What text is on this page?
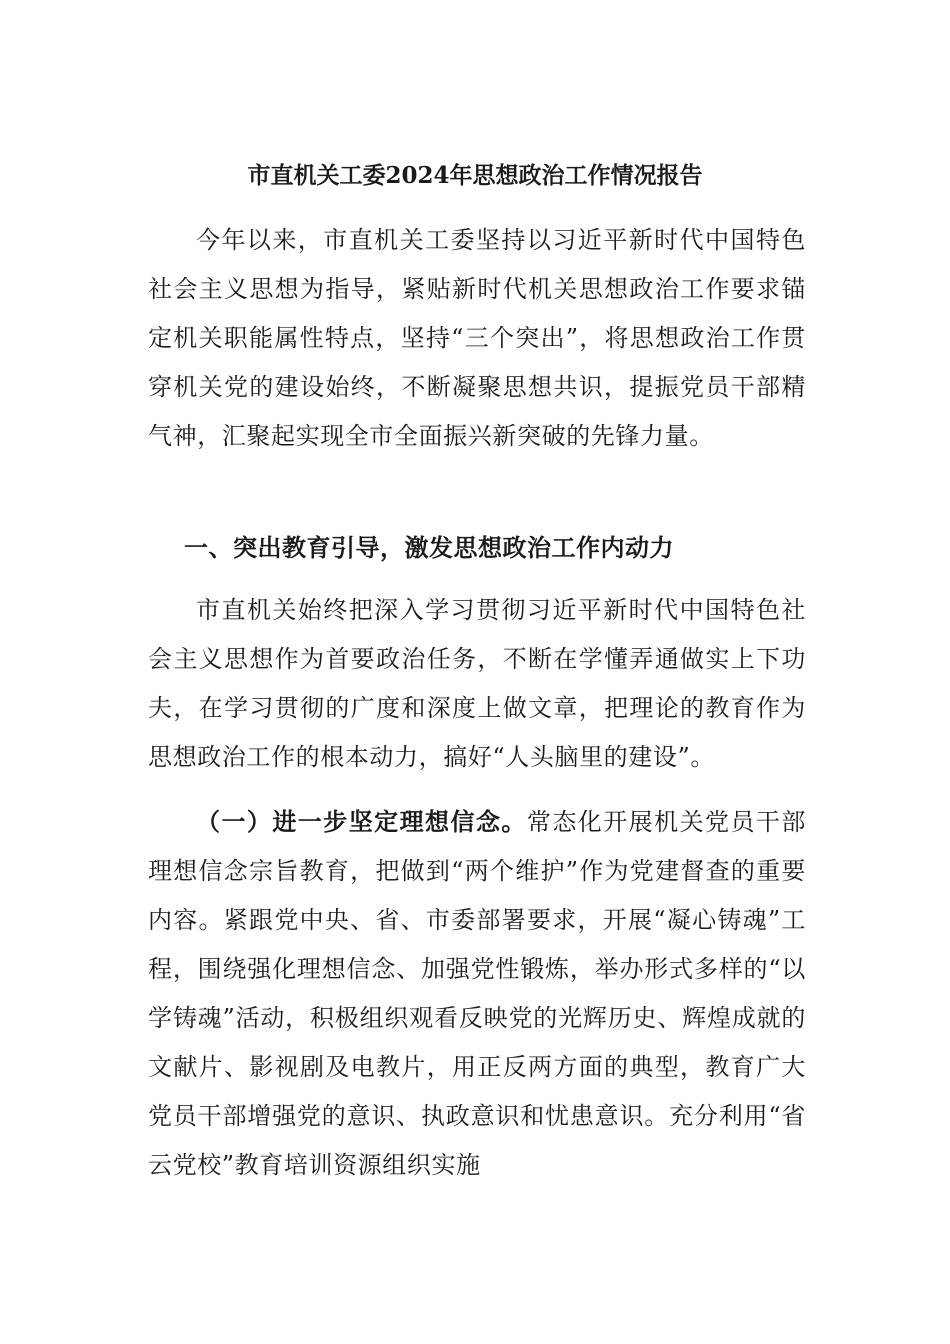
市直机关工委2024年思想政治工作情况报告

今年以来，市直机关工委坚持以习近平新时代中国特色社会主义思想为指导，紧贴新时代机关思想政治工作要求锚定机关职能属性特点，坚持“三个突出”，将思想政治工作贯穿机关党的建设始终，不断凝聚思想共识，提振党员干部精气神，汇聚起实现全市全面振兴新突破的先锋力量。

一、突出教育引导，激发思想政治工作内动力

市直机关始终把深入学习贯彻习近平新时代中国特色社会主义思想作为首要政治任务，不断在学懂弄通做实上下功夫，在学习贯彻的广度和深度上做文章，把理论的教育作为思想政治工作的根本动力，搞好“人头脑里的建设”。

（一）进一步坚定理想信念。常态化开展机关党员干部理想信念宗旨教育，把做到“两个维护”作为党建督查的重要内容。紧跟党中央、省、市委部署要求，开展“凝心铸魂”工程，围绕强化理想信念、加强党性锻炼，举办形式多样的“以学铸魂”活动，积极组织观看反映党的光辉历史、辉煌成就的文献片、影视剧及电教片，用正反两方面的典型，教育广大党员干部增强党的意识、执政意识和忧患意识。充分利用“省云党校”教育培训资源组织实施
